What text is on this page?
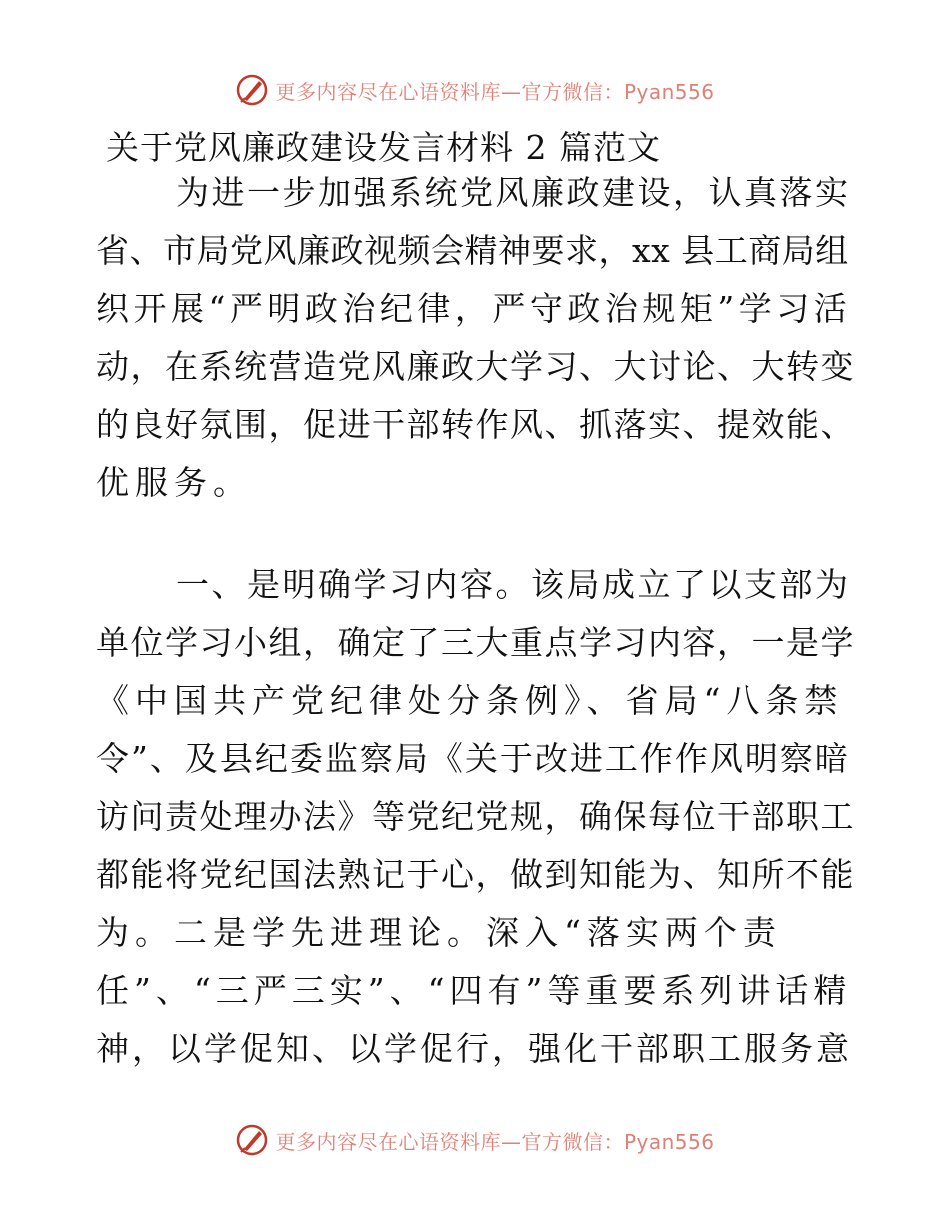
更多内容尽在心语资料库—官方微信：Pyan556
关于党风廉政建设发言材料 2 篇范文
为进一步加强系统党风廉政建设，认真落实
省、市局党风廉政视频会精神要求，xx 县工商局组
织开展“严明政治纪律，严守政治规矩”学习活
动，在系统营造党风廉政大学习、大讨论、大转变
的良好氛围，促进干部转作风、抓落实、提效能、
优服务。
一、是明确学习内容。该局成立了以支部为
单位学习小组，确定了三大重点学习内容，一是学
《中国共产党纪律处分条例》、省局“八条禁
令”、及县纪委监察局《关于改进工作作风明察暗
访问责处理办法》等党纪党规，确保每位干部职工
都能将党纪国法熟记于心，做到知能为、知所不能
为。二是学先进理论。深入“落实两个责
任”、“三严三实”、“四有”等重要系列讲话精
神，以学促知、以学促行，强化干部职工服务意
更多内容尽在心语资料库—官方微信：Pyan556
